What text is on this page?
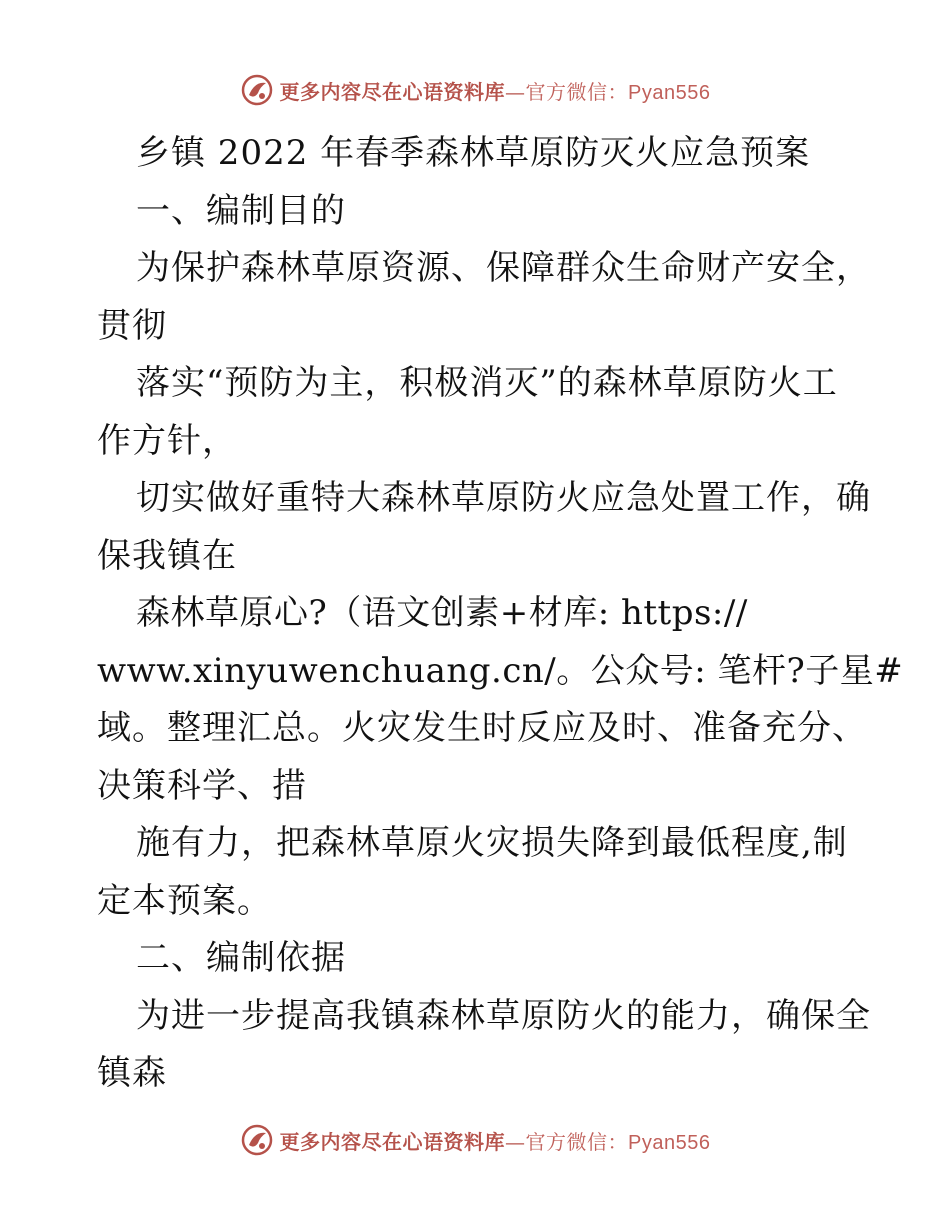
更多内容尽在心语资料库—官方微信：Pyan556
乡镇 2022 年春季森林草原防灭火应急预案
一、编制目的
为保护森林草原资源、保障群众生命财产安全，
贯彻
落实“预防为主，积极消灭”的森林草原防火工
作方针，
切实做好重特大森林草原防火应急处置工作，确
保我镇在
森林草原心?（语文创素+材库: https://
www.xinyuwenchuang.cn/。公众号: 笔杆?子星#
域。整理汇总。火灾发生时反应及时、准备充分、
决策科学、措
施有力，把森林草原火灾损失降到最低程度,制
定本预案。
二、编制依据
为进一步提高我镇森林草原防火的能力，确保全
镇森
更多内容尽在心语资料库—官方微信：Pyan556
